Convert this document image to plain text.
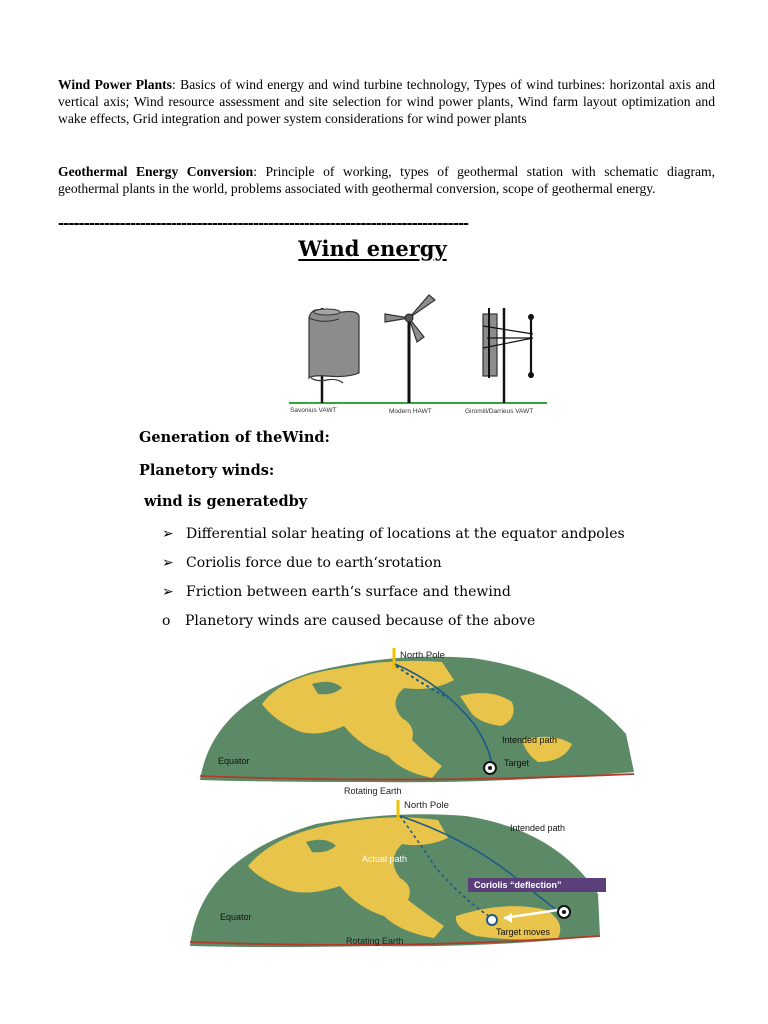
Wind Power Plants: Basics of wind energy and wind turbine technology, Types of wind turbines: horizontal axis and vertical axis; Wind resource assessment and site selection for wind power plants, Wind farm layout optimization and wake effects, Grid integration and power system considerations for wind power plants

Geothermal Energy Conversion: Principle of working, types of geothermal station with schematic diagram, geothermal plants in the world, problems associated with geothermal conversion, scope of geothermal energy.

--------------------------------------------------------------------------------
Wind energy
Savonius VAWT	Modern HAWT	Giromill/Darrieus VAWT
Generation of theWind:
Planetory winds:
wind is generatedby
➢ Differential solar heating of locations at the equator andpoles
➢ Coriolis force due to earth‘srotation
➢ Friction between earth‘s surface and thewind
o Planetory winds are caused because of the above
North Pole
Intended path
Equator	Target
Rotating Earth
North Pole
Intended path
Actual path
Coriolis “deflection”
Equator
Target moves
Rotating Earth
